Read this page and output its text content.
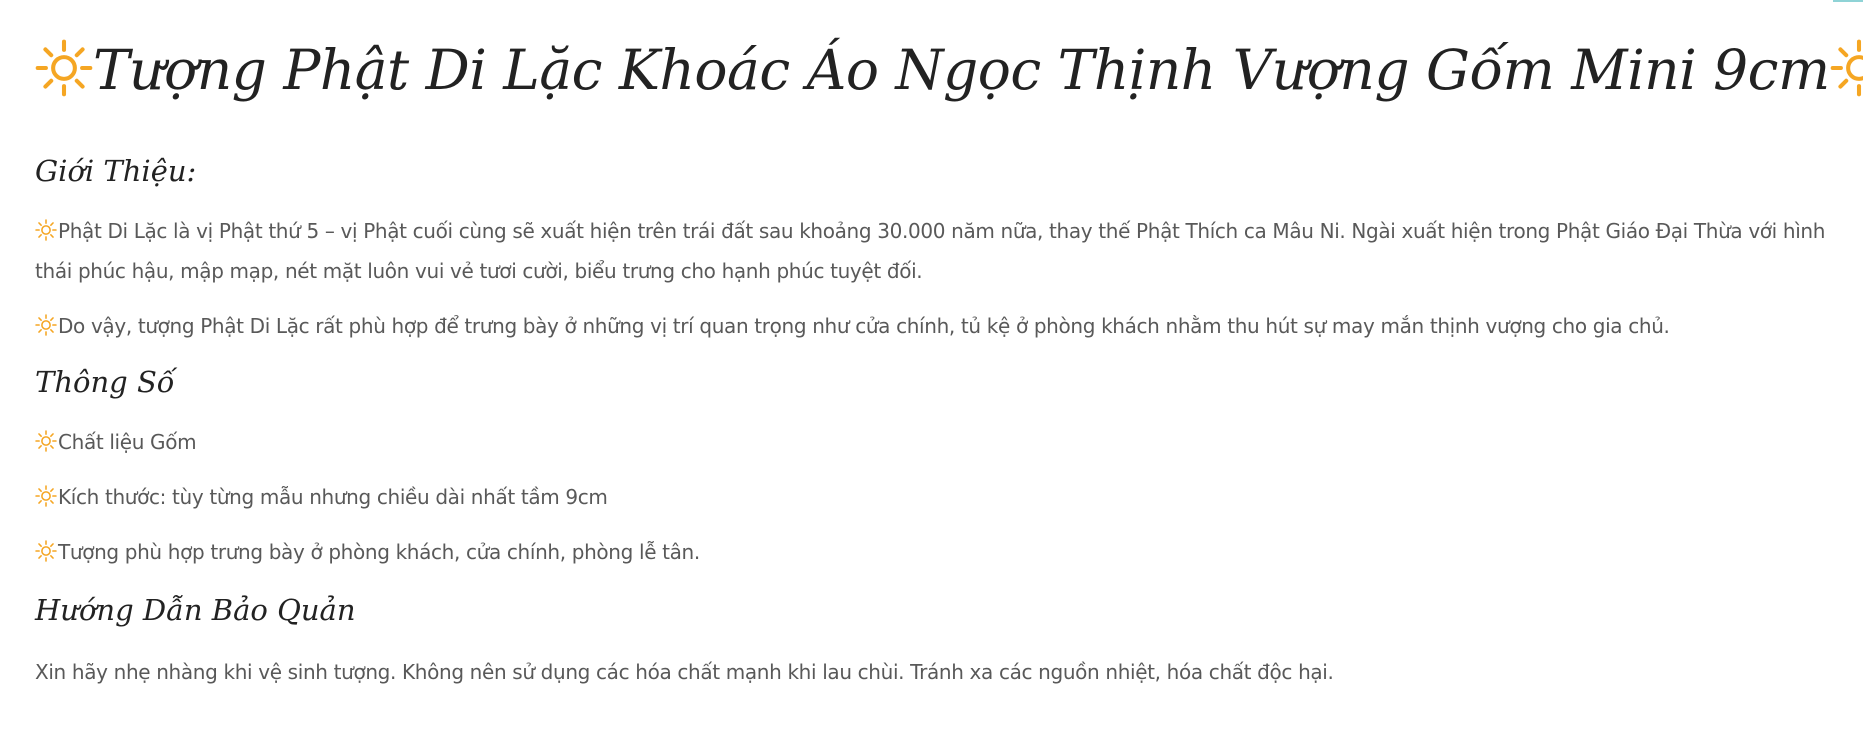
Tượng Phật Di Lặc Khoác Áo Ngọc Thịnh Vượng Gốm Mini 9cm
Giới Thiệu:

Phật Di Lặc là vị Phật thứ 5 – vị Phật cuối cùng sẽ xuất hiện trên trái đất sau khoảng 30.000 năm nữa, thay thế Phật Thích ca Mâu Ni. Ngài xuất hiện trong Phật Giáo Đại Thừa với hình thái phúc hậu, mập mạp, nét mặt luôn vui vẻ tươi cười, biểu trưng cho hạnh phúc tuyệt đối.

Do vậy, tượng Phật Di Lặc rất phù hợp để trưng bày ở những vị trí quan trọng như cửa chính, tủ kệ ở phòng khách nhằm thu hút sự may mắn thịnh vượng cho gia chủ.

Thông Số

Chất liệu Gốm

Kích thước: tùy từng mẫu nhưng chiều dài nhất tầm 9cm

Tượng phù hợp trưng bày ở phòng khách, cửa chính, phòng lễ tân.

Hướng Dẫn Bảo Quản

Xin hãy nhẹ nhàng khi vệ sinh tượng. Không nên sử dụng các hóa chất mạnh khi lau chùi. Tránh xa các nguồn nhiệt, hóa chất độc hại.
